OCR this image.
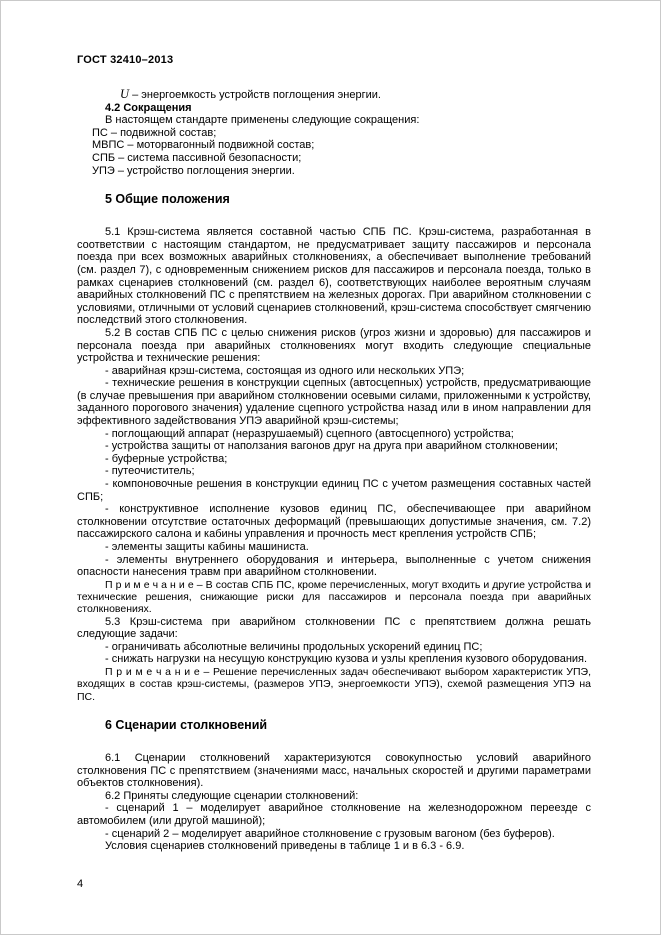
ГОСТ 32410–2013
U – энергоемкость устройств поглощения энергии.
4.2 Сокращения
В настоящем стандарте применены следующие сокращения:
ПС – подвижной состав;
МВПС – моторвагонный подвижной состав;
СПБ – система пассивной безопасности;
УПЭ – устройство поглощения энергии.
5 Общие положения
5.1 Крэш-система является составной частью СПБ ПС. Крэш-система, разработанная в соответствии с настоящим стандартом, не предусматривает защиту пассажиров и персонала поезда при всех возможных аварийных столкновениях, а обеспечивает выполнение требований (см. раздел 7), с одновременным снижением рисков для пассажиров и персонала поезда, только в рамках сценариев столкновений (см. раздел 6), соответствующих наиболее вероятным случаям аварийных столкновений ПС с препятствием на железных дорогах. При аварийном столкновении с условиями, отличными от условий сценариев столкновений, крэш-система способствует смягчению последствий этого столкновения.
5.2 В состав СПБ ПС с целью снижения рисков (угроз жизни и здоровью) для пассажиров и персонала поезда при аварийных столкновениях могут входить следующие специальные устройства и технические решения:
- аварийная крэш-система, состоящая из одного или нескольких УПЭ;
- технические решения в конструкции сцепных (автосцепных) устройств, предусматривающие (в случае превышения при аварийном столкновении осевыми силами, приложенными к устройству, заданного порогового значения) удаление сцепного устройства назад или в ином направлении для эффективного задействования УПЭ аварийной крэш-системы;
- поглощающий аппарат (неразрушаемый) сцепного (автосцепного) устройства;
- устройства защиты от наползания вагонов друг на друга при аварийном столкновении;
- буферные устройства;
- путеочиститель;
- компоновочные решения в конструкции единиц ПС с учетом размещения составных частей СПБ;
- конструктивное исполнение кузовов единиц ПС, обеспечивающее при аварийном столкновении отсутствие остаточных деформаций (превышающих допустимые значения, см. 7.2) пассажирского салона и кабины управления и прочность мест крепления устройств СПБ;
- элементы защиты кабины машиниста.
- элементы внутреннего оборудования и интерьера, выполненные с учетом снижения опасности нанесения травм при аварийном столкновении.
П р и м е ч а н и е – В состав СПБ ПС, кроме перечисленных, могут входить и другие устройства и технические решения, снижающие риски для пассажиров и персонала поезда при аварийных столкновениях.
5.3 Крэш-система при аварийном столкновении ПС с препятствием должна решать следующие задачи:
- ограничивать абсолютные величины продольных ускорений единиц ПС;
- снижать нагрузки на несущую конструкцию кузова и узлы крепления кузового оборудования.
П р и м е ч а н и е – Решение перечисленных задач обеспечивают выбором характеристик УПЭ, входящих в состав крэш-системы, (размеров УПЭ, энергоемкости УПЭ), схемой размещения УПЭ на ПС.
6 Сценарии столкновений
6.1 Сценарии столкновений характеризуются совокупностью условий аварийного столкновения ПС с препятствием (значениями масс, начальных скоростей и другими параметрами объектов столкновения).
6.2 Приняты следующие сценарии столкновений:
- сценарий 1 – моделирует аварийное столкновение на железнодорожном переезде с автомобилем (или другой машиной);
- сценарий 2 – моделирует аварийное столкновение с грузовым вагоном (без буферов).
Условия сценариев столкновений приведены в таблице 1 и в 6.3 - 6.9.
4
